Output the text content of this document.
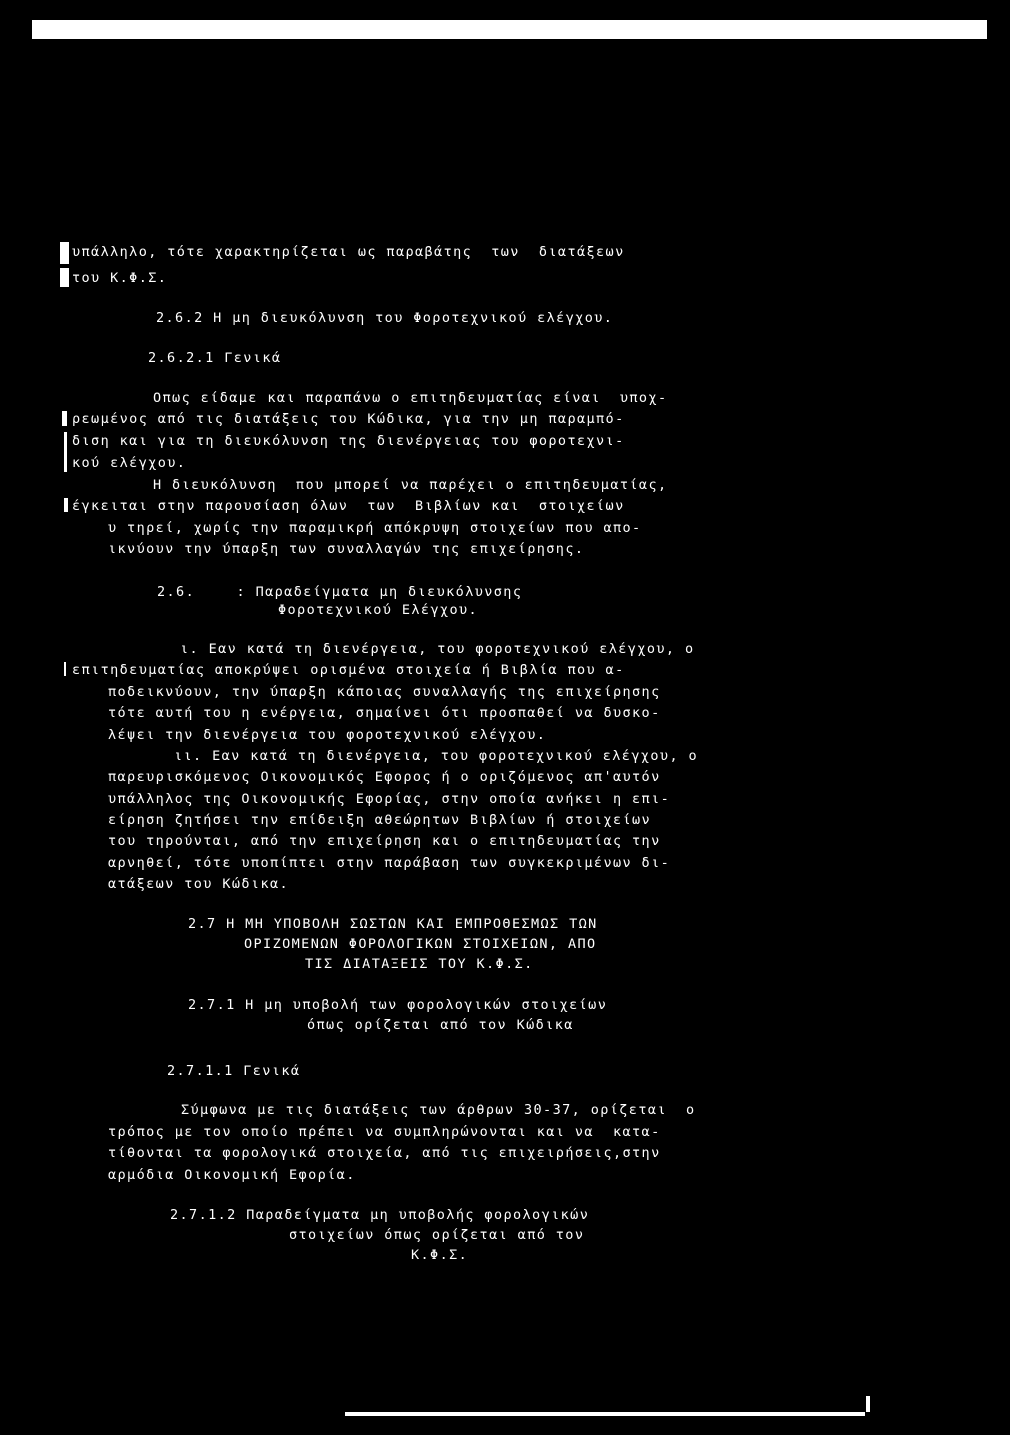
υπάλληλο, τότε χαρακτηρίζεται ως παραβάτης  των  διατάξεων
του Κ.Φ.Σ.
2.6.2 Η μη διευκόλυνση του Φοροτεχνικού ελέγχου.
2.6.2.1 Γενικά
Οπως είδαμε και παραπάνω ο επιτηδευματίας είναι  υποχ-
ρεωμένος από τις διατάξεις του Κώδικα, για την μη παραμπό-
διση και για τη διευκόλυνση της διενέργειας του φοροτεχνι-
κού ελέγχου.
Η διευκόλυνση  που μπορεί να παρέχει ο επιτηδευματίας,
έγκειται στην παρουσίαση όλων  των  Βιβλίων και  στοιχείων
υ τηρεί, χωρίς την παραμικρή απόκρυψη στοιχείων που απο-
ικνύουν την ύπαρξη των συναλλαγών της επιχείρησης.
2.6. : Παραδείγματα μη διευκόλυνσης
Φοροτεχνικού Ελέγχου.
ι. Εαν κατά τη διενέργεια, του φοροτεχνικού ελέγχου, ο
επιτηδευματίας αποκρύψει ορισμένα στοιχεία ή Βιβλία που α-
ποδεικνύουν, την ύπαρξη κάποιας συναλλαγής της επιχείρησης
τότε αυτή του η ενέργεια, σημαίνει ότι προσπαθεί να δυσκο-
λέψει την διενέργεια του φοροτεχνικού ελέγχου.
ιι. Εαν κατά τη διενέργεια, του φοροτεχνικού ελέγχου, ο
παρευρισκόμενος Οικονομικός Εφορος ή ο οριζόμενος απ'αυτόν
υπάλληλος της Οικονομικής Εφορίας, στην οποία ανήκει η επι-
είρηση ζητήσει την επίδειξη αθεώρητων Βιβλίων ή στοιχείων
του τηρούνται, από την επιχείρηση και ο επιτηδευματίας την
αρνηθεί, τότε υποπίπτει στην παράβαση των συγκεκριμένων δι-
ατάξεων του Κώδικα.
2.7 Η ΜΗ ΥΠΟΒΟΛΗ ΣΩΣΤΩΝ ΚΑΙ ΕΜΠΡΟΘΕΣΜΩΣ ΤΩΝ
ΟΡΙΖΟΜΕΝΩΝ ΦΟΡΟΛΟΓΙΚΩΝ ΣΤΟΙΧΕΙΩΝ, ΑΠΟ
ΤΙΣ ΔΙΑΤΑΞΕΙΣ ΤΟΥ Κ.Φ.Σ.
2.7.1 Η μη υποβολή των φορολογικών στοιχείων
όπως ορίζεται από τον Κώδικα
2.7.1.1 Γενικά
Σύμφωνα με τις διατάξεις των άρθρων 30-37, ορίζεται  ο
τρόπος με τον οποίο πρέπει να συμπληρώνονται και να  κατα-
τίθονται τα φορολογικά στοιχεία, από τις επιχειρήσεις,στην
αρμόδια Οικονομική Εφορία.
2.7.1.2 Παραδείγματα μη υποβολής φορολογικών
στοιχείων όπως ορίζεται από τον
Κ.Φ.Σ.
